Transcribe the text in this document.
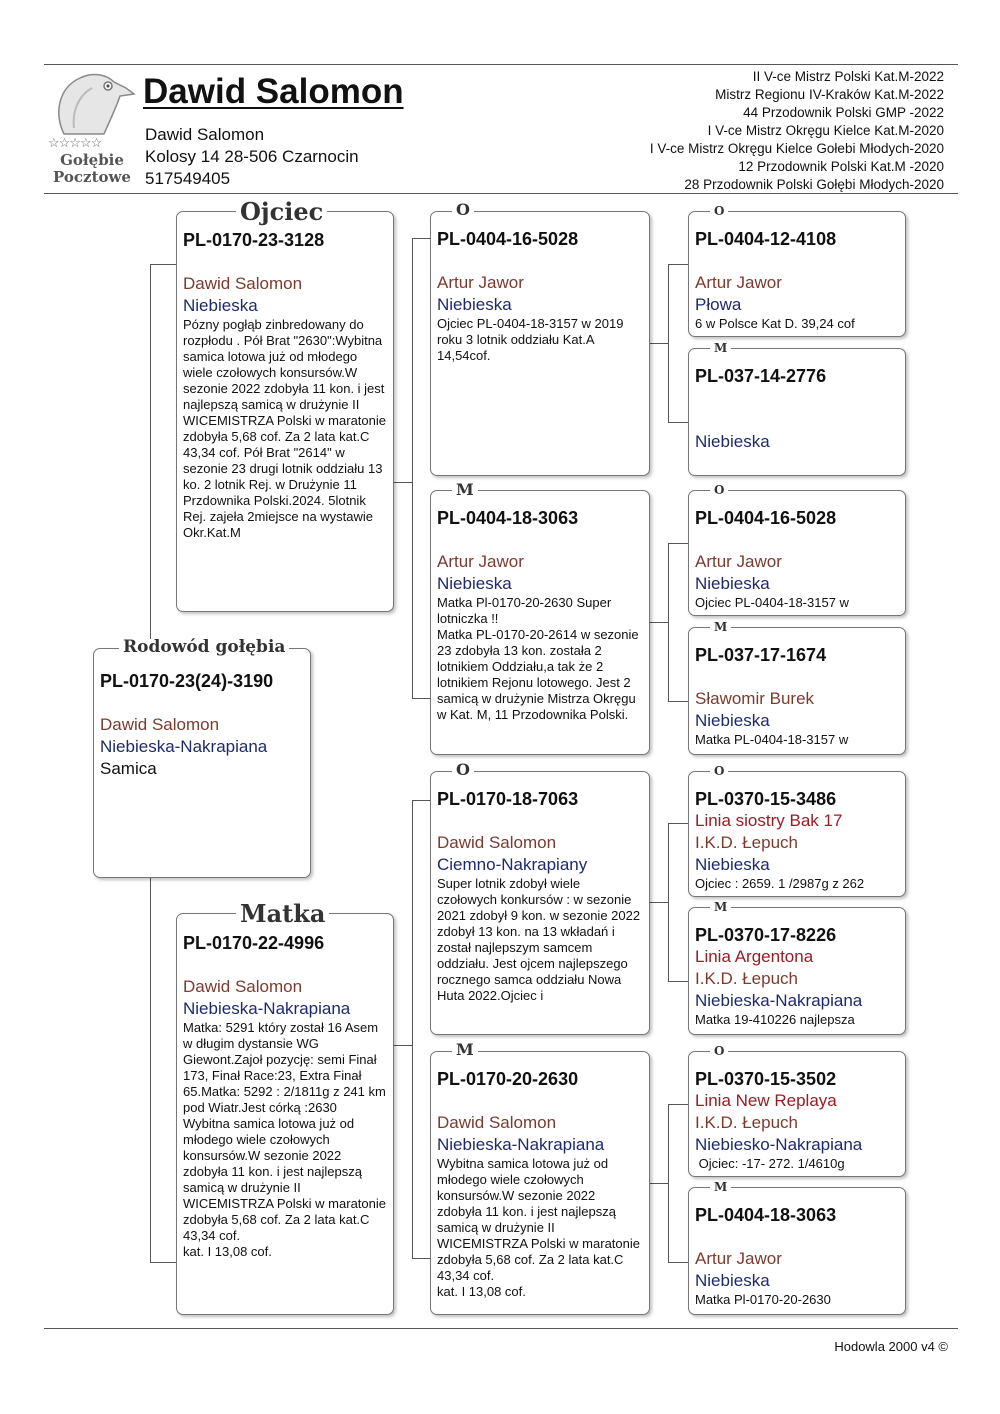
☆☆☆☆☆
Gołębie
Pocztowe
Dawid Salomon
Dawid Salomon
Kolosy 14 28-506 Czarnocin
517549405
II V-ce Mistrz Polski Kat.M-2022
Mistrz Regionu IV-Kraków Kat.M-2022
44 Przodownik Polski GMP -2022
I V-ce Mistrz Okręgu Kielce Kat.M-2020
I V-ce Mistrz Okręgu Kielce Gołebi Młodych-2020
12 Przodownik Polski Kat.M -2020
28 Przodownik Polski Gołębi Młodych-2020
PL-0170-23(24)-3190
Dawid Salomon
Niebieska-Nakrapiana
Samica
Rodowód gołębia
PL-0170-23-3128
Dawid Salomon
Niebieska
Pózny pogłąb zinbredowany do rozpłodu . Pół Brat "2630":Wybitna samica lotowa już od młodego wiele czołowych konsursów.W sezonie 2022 zdobyła 11 kon. i jest najlepszą samicą w drużynie II WICEMISTRZA Polski w maratonie zdobyła 5,68 cof. Za 2 lata kat.C 43,34 cof. Pół Brat "2614" w sezonie 23 drugi lotnik oddziału 13 ko. 2 lotnik Rej. w Drużynie 11 Przdownika Polski.2024. 5lotnik Rej. zajeła 2miejsce na wystawie Okr.Kat.M
Ojciec
PL-0170-22-4996
Dawid Salomon
Niebieska-Nakrapiana
Matka: 5291 który został 16 Asem w długim dystansie WG Giewont.Zajoł pozycję: semi Finał 173, Finał Race:23, Extra Finał 65.Matka: 5292 : 2/1811g z 241 km pod Wiatr.Jest córką :2630 Wybitna samica lotowa już od młodego wiele czołowych konsursów.W sezonie 2022 zdobyła 11 kon. i jest najlepszą samicą w drużynie II WICEMISTRZA Polski w maratonie zdobyła 5,68 cof. Za 2 lata kat.C 43,34 cof.
kat. I 13,08 cof.
Matka
PL-0404-16-5028
Artur Jawor
Niebieska
Ojciec PL-0404-18-3157 w 2019 roku 3 lotnik oddziału Kat.A 14,54cof.
O
PL-0404-18-3063
Artur Jawor
Niebieska
Matka Pl-0170-20-2630 Super lotniczka !!
Matka PL-0170-20-2614 w sezonie 23 zdobyła 13 kon. została 2 lotnikiem Oddziału,a tak że 2 lotnikiem Rejonu lotowego. Jest 2 samicą w drużynie Mistrza Okręgu w Kat. M, 11 Przodownika Polski.
M
PL-0170-18-7063
Dawid Salomon
Ciemno-Nakrapiany
Super lotnik zdobył wiele czołowych konkursów : w sezonie 2021 zdobył 9 kon. w sezonie 2022 zdobył 13 kon. na 13 wkładań i został najlepszym samcem oddziału. Jest ojcem najlepszego rocznego samca oddziału Nowa Huta 2022.Ojciec i
O
PL-0170-20-2630
Dawid Salomon
Niebieska-Nakrapiana
Wybitna samica lotowa już od młodego wiele czołowych konsursów.W sezonie 2022 zdobyła 11 kon. i jest najlepszą samicą w drużynie II WICEMISTRZA Polski w maratonie zdobyła 5,68 cof. Za 2 lata kat.C 43,34 cof.
kat. I 13,08 cof.
M
PL-0404-12-4108
Artur Jawor
Płowa
6 w Polsce Kat D. 39,24 cof
O
PL-037-14-2776
Niebieska
M
PL-0404-16-5028
Artur Jawor
Niebieska
Ojciec PL-0404-18-3157 w
O
PL-037-17-1674
Sławomir Burek
Niebieska
Matka PL-0404-18-3157 w
M
PL-0370-15-3486
Linia siostry Bak 17
I.K.D. Łepuch
Niebieska
Ojciec : 2659. 1 /2987g z 262
O
PL-0370-17-8226
Linia Argentona
I.K.D. Łepuch
Niebieska-Nakrapiana
Matka 19-410226 najlepsza
M
PL-0370-15-3502
Linia New Replaya
I.K.D. Łepuch
Niebiesko-Nakrapiana
Ojciec: -17- 272. 1/4610g
O
PL-0404-18-3063
Artur Jawor
Niebieska
Matka Pl-0170-20-2630
M
Hodowla 2000 v4 ©
